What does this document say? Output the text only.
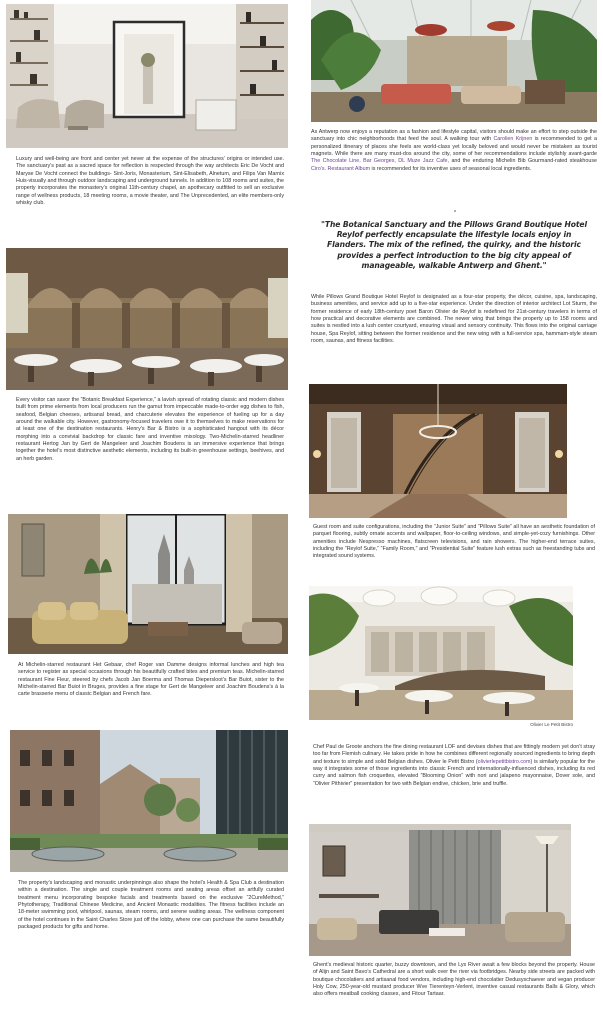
Luxury and well-being are front and center yet never at the expense of the structures’ origins or intended use. The sanctuary’s past as a sacred space for reflection is respected through the way architects Eric De Vocht and Maryse De Vocht connect the buildings- Sint-Joris, Monasterium, Sint-Elisabeth, Alnetum, and Filips Van Marnix Huis-visually and through outdoor landscaping and underground tunnels. In addition to 108 rooms and suites, the property incorporates the monastery’s original 11th-century chapel, an apothecary outfitted to sell an exclusive range of wellness products, 18 meeting rooms, a movie theater, and The Unprecedented, an elite members-only whisky club.
Every visitor can savor the “Botanic Breakfast Experience,” a lavish spread of rotating classic and modern dishes built from prime elements from local producers run the gamut from impeccable made-to-order egg dishes to fish, seafood, Belgian cheeses, artisanal bread, and charcuterie elevates the experience of fueling up for a day around the walkable city. However, gastronomy-focused travelers owe it to themselves to make reservations for at least one of the destination restaurants. Henry’s Bar & Bistro is a sophisticated hangout with its décor morphing into a convivial backdrop for classic fare and inventive mixology. Two-Michelin-starred headliner restaurant Hertog Jan by Gert de Mangeleer and Joachim Boudens is an immersive experience that brings together the hotel’s most distinctive aesthetic elements, including its built-in greenhouse settings, beehives, and an herb garden.
At Michelin-starred restaurant Het Gebaar, chef Roger van Damme designs informal lunches and high tea service to register as special occasions through his beautifully crafted bites and premium teas. Michelin-starred restaurant Fine Fleur, steered by chefs Jacob Jan Boerma and Thomas Diepersloot’s Bar Buiot, sister to the Michelin-starred Bar Buiot in Bruges, provides a fine stage for Gert de Mangeleer and Joachim Boudens’s à la carte brasserie menu of classic Belgian and French fare.
The property’s landscaping and monastic underpinnings also shape the hotel’s Health & Spa Club a destination within a destination. The single and couple treatment rooms and seating areas offset an artfully curated treatment menu incorporating bespoke facials and treatments based on the exclusive “2CureMethod,” Phytotherapy, Traditional Chinese Medicine, and Ancient Monastic modalities. The fitness facilities include an 18-meter swimming pool, whirlpool, saunas, steam rooms, and serene waiting areas. The wellness component of the hotel continues in the Saint Charles Store just off the lobby, where one can purchase the same beautifully packaged products for gifts and home.
As Antwerp now enjoys a reputation as a fashion and lifestyle capital, visitors should make an effort to step outside the sanctuary into chic neighborhoods that feed the soul. A walking tour with Carolien Krijnen is recommended to get a personalized itinerary of places she feels are world-class yet locally beloved and would never be mistaken as tourist magnets. While there are many must-dos around the city, some of her recommendations include stylishly avant-garde The Chocolate Line, Bar Georges, DL Muze Jazz Cafe, and the enduring Michelin Bib Gourmand-rated steakhouse Ciro’s. Restaurant Album is recommended for its inventive uses of seasonal local ingredients.
"The Botanical Sanctuary and the Pillows Grand Boutique Hotel Reylof perfectly encapsulate the lifestyle locals enjoy in Flanders. The mix of the refined, the quirky, and the historic provides a perfect introduction to the big city appeal of manageable, walkable Antwerp and Ghent."
While Pillows Grand Boutique Hotel Reylof is designated as a four-star property, the décor, cuisine, spa, landscaping, business amenities, and service add up to a five-star experience. Under the direction of interior architect Lot Sturm, the former residence of early 18th-century poet Baron Olivier de Reylof is redefined for 21st-century travelers in terms of how practical and decorative elements are combined. The newer wing that brings the property up to 158 rooms and suites is nestled into a lush center courtyard, ensuring visual and sensory continuity. This flows into the original carriage house, Spa Reylof, sitting between the former residence and the new wing with a full-service spa, hammam-style steam room, saunas, and fitness facilities.
Guest room and suite configurations, including the “Junior Suite” and “Pillows Suite” all have an aesthetic foundation of parquet flooring, subtly ornate accents and wallpaper, floor-to-ceiling windows, and simple-yet-cozy furnishings. Other amenities include Nespresso machines, flatscreen televisions, and rain showers. The higher-end terrace suites, including the “Reylof Suite,” “Family Room,” and “Presidential Suite” feature lush extras such as freestanding tubs and integrated sound systems.
Olivier Le Petit Bistro
Chef Paul de Groote anchors the fine dining restaurant LOF and devises dishes that are fittingly modern yet don’t stray too far from Flemish culinary. He takes pride in how he combines different regionally sourced ingredients to bring depth and texture to simple and solid Belgian dishes. Olivier le Petit Bistro (olivierlepetitbistro.com) is similarly popular for the way it integrates some of those ingredients into classic French and internationally-influenced dishes, including its red curry and salmon fish croquettes, elevated “Blooming Onion” with nori and jalapeno mayonnaise, Dover sole, and “Olivier Pithivier” presentation for two with Belgian endive, chicken, brie and truffle.
Ghent’s medieval historic quarter, buzzy downtown, and the Lys River await a few blocks beyond the property. House of Alijn and Saint Bavo’s Cathedral are a short walk over the river via footbridges. Nearby side streets are packed with boutique chocolatiers and artisanal food vendors, including high-end chocolatier Dedusyschaever and vegan producer Holy Cow, 250-year-old mustard producer Wve Tierenteyn-Verlent, inventive casual restaurants Balls & Glory, which also offers meatball cooking classes, and Fitour Tartaar.
